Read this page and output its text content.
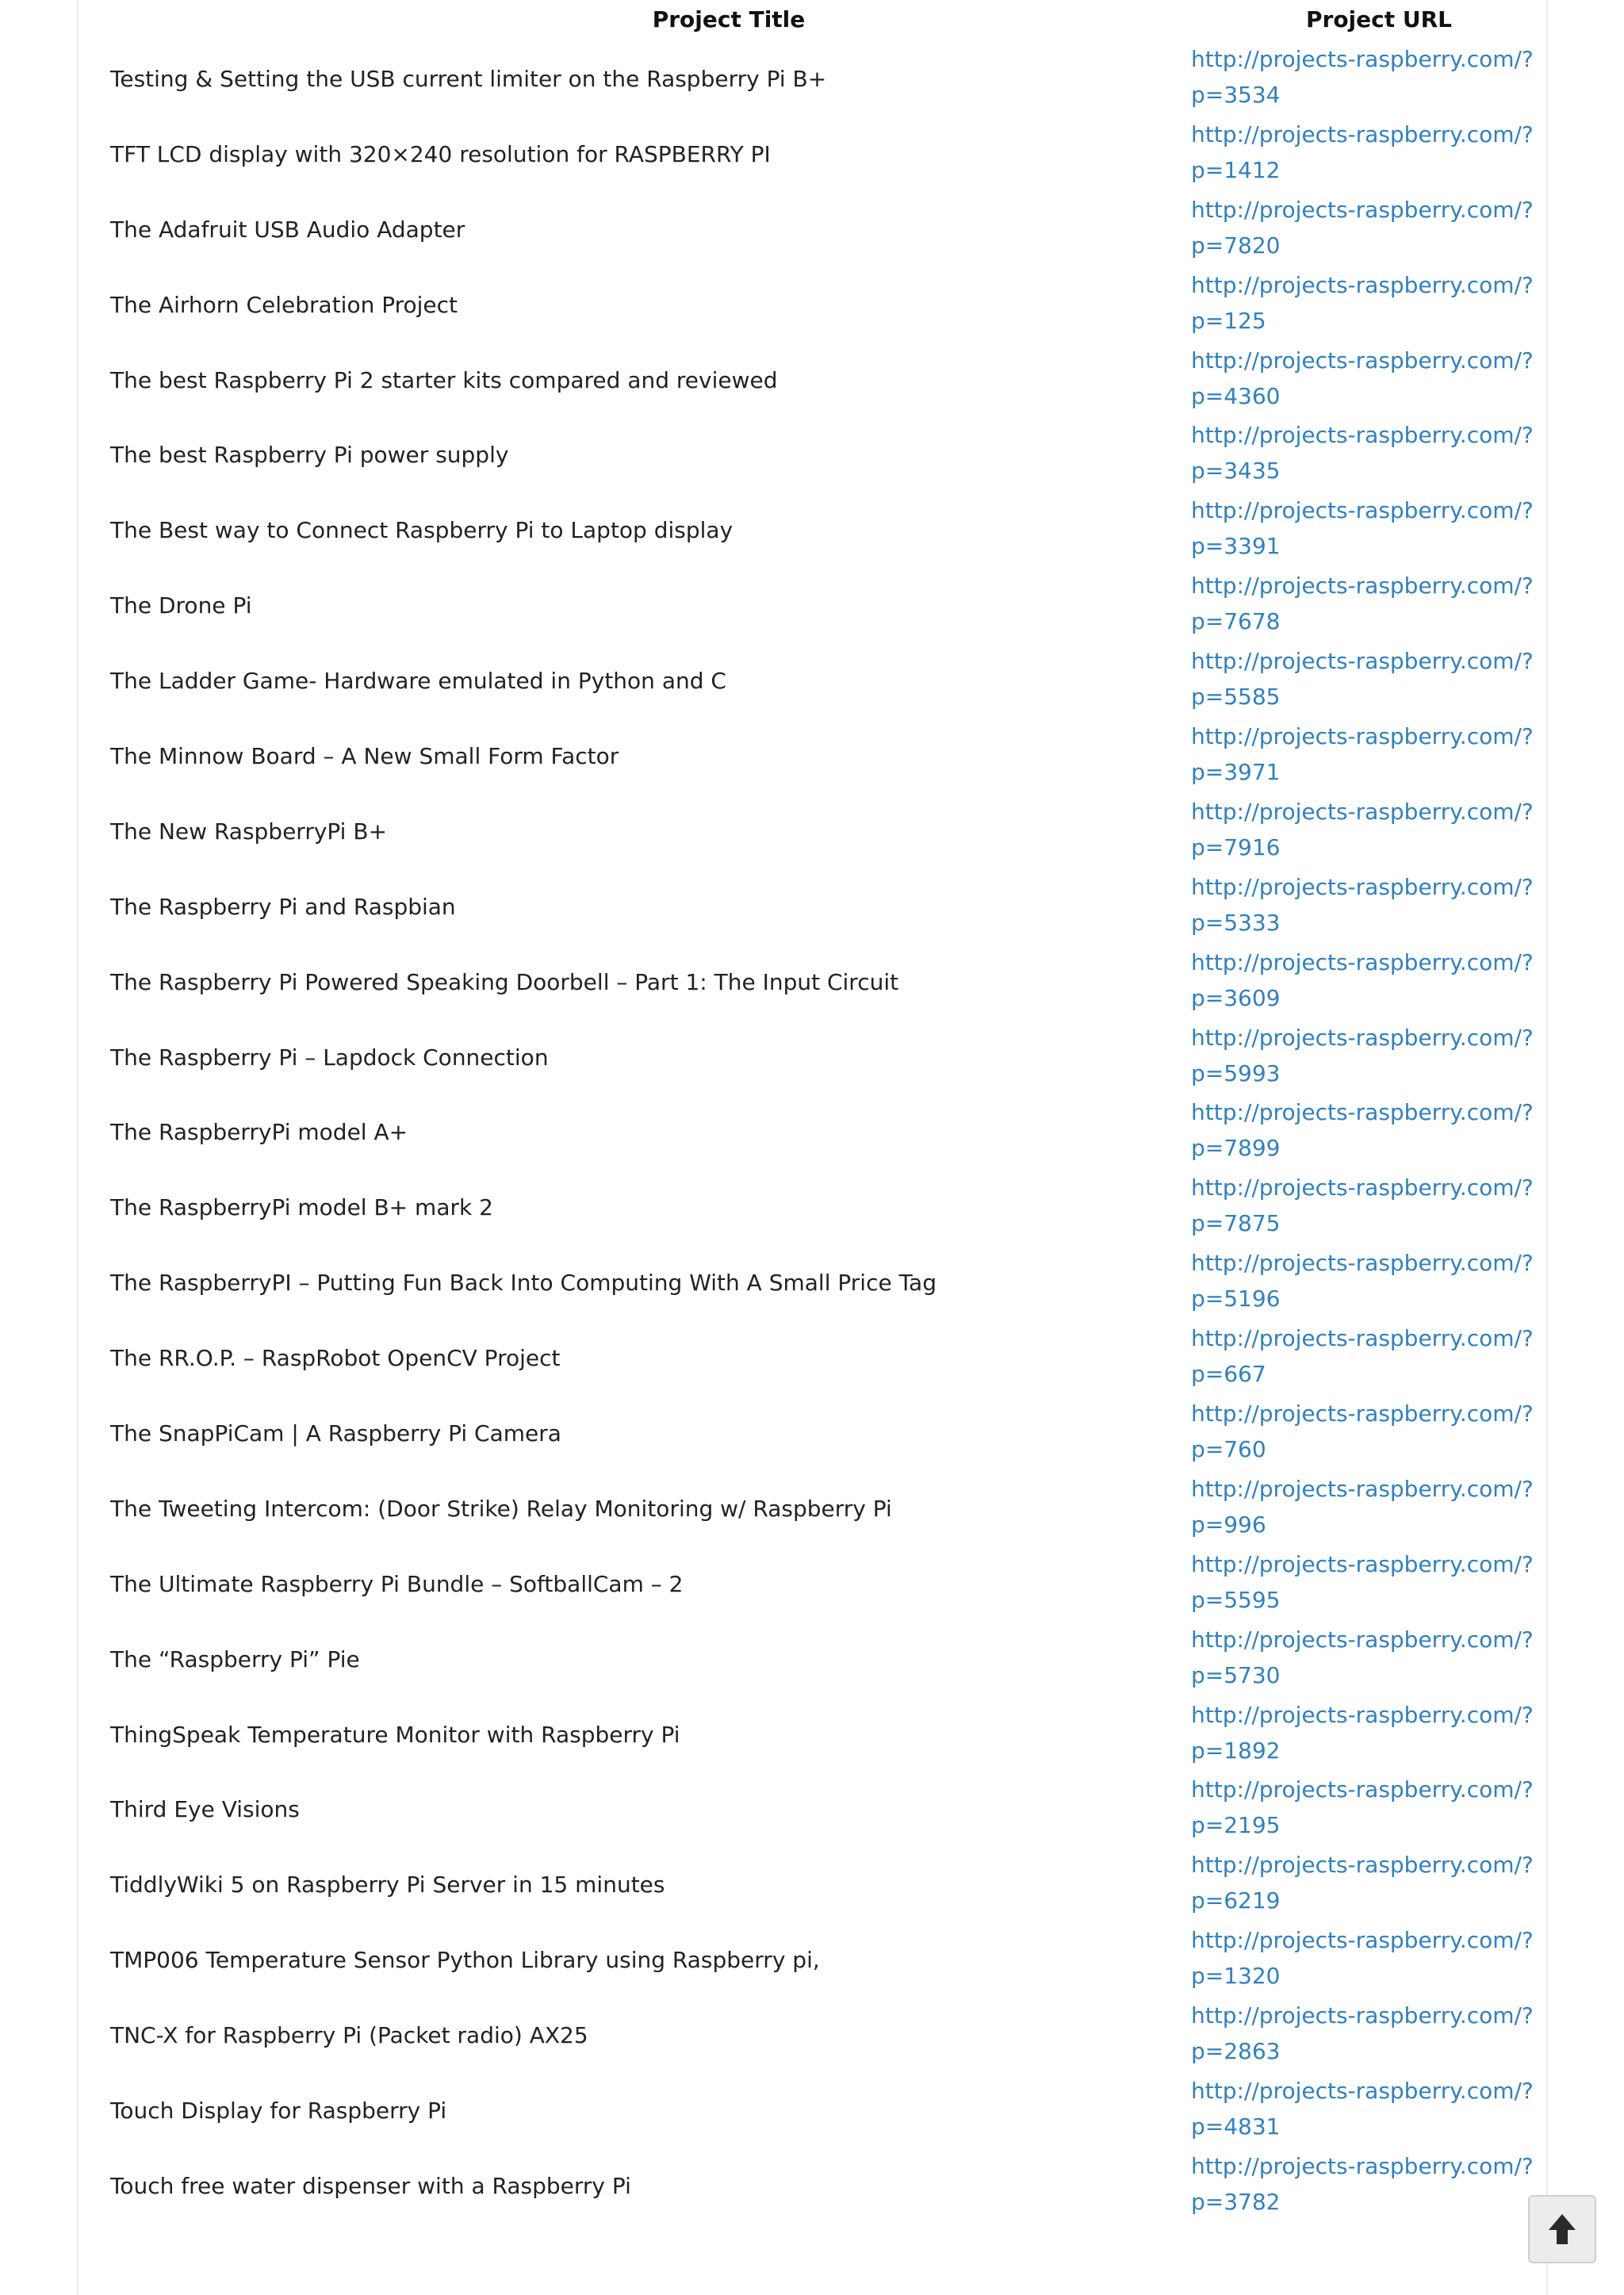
Project Title	Project URL
Testing & Setting the USB current limiter on the Raspberry Pi B+
http://projects-raspberry.com/?
p=3534
TFT LCD display with 320×240 resolution for RASPBERRY PI
http://projects-raspberry.com/?
p=1412
The Adafruit USB Audio Adapter
http://projects-raspberry.com/?
p=7820
The Airhorn Celebration Project
http://projects-raspberry.com/?
p=125
The best Raspberry Pi 2 starter kits compared and reviewed
http://projects-raspberry.com/?
p=4360
The best Raspberry Pi power supply
http://projects-raspberry.com/?
p=3435
The Best way to Connect Raspberry Pi to Laptop display
http://projects-raspberry.com/?
p=3391
The Drone Pi
http://projects-raspberry.com/?
p=7678
The Ladder Game- Hardware emulated in Python and C
http://projects-raspberry.com/?
p=5585
The Minnow Board – A New Small Form Factor
http://projects-raspberry.com/?
p=3971
The New RaspberryPi B+
http://projects-raspberry.com/?
p=7916
The Raspberry Pi and Raspbian
http://projects-raspberry.com/?
p=5333
The Raspberry Pi Powered Speaking Doorbell – Part 1: The Input Circuit
http://projects-raspberry.com/?
p=3609
The Raspberry Pi – Lapdock Connection
http://projects-raspberry.com/?
p=5993
The RaspberryPi model A+
http://projects-raspberry.com/?
p=7899
The RaspberryPi model B+ mark 2
http://projects-raspberry.com/?
p=7875
The RaspberryPI – Putting Fun Back Into Computing With A Small Price Tag
http://projects-raspberry.com/?
p=5196
The RR.O.P. – RaspRobot OpenCV Project
http://projects-raspberry.com/?
p=667
The SnapPiCam | A Raspberry Pi Camera
http://projects-raspberry.com/?
p=760
The Tweeting Intercom: (Door Strike) Relay Monitoring w/ Raspberry Pi
http://projects-raspberry.com/?
p=996
The Ultimate Raspberry Pi Bundle – SoftballCam – 2
http://projects-raspberry.com/?
p=5595
The “Raspberry Pi” Pie
http://projects-raspberry.com/?
p=5730
ThingSpeak Temperature Monitor with Raspberry Pi
http://projects-raspberry.com/?
p=1892
Third Eye Visions
http://projects-raspberry.com/?
p=2195
TiddlyWiki 5 on Raspberry Pi Server in 15 minutes
http://projects-raspberry.com/?
p=6219
TMP006 Temperature Sensor Python Library using Raspberry pi,
http://projects-raspberry.com/?
p=1320
TNC-X for Raspberry Pi (Packet radio) AX25
http://projects-raspberry.com/?
p=2863
Touch Display for Raspberry Pi
http://projects-raspberry.com/?
p=4831
Touch free water dispenser with a Raspberry Pi
http://projects-raspberry.com/?
p=3782
